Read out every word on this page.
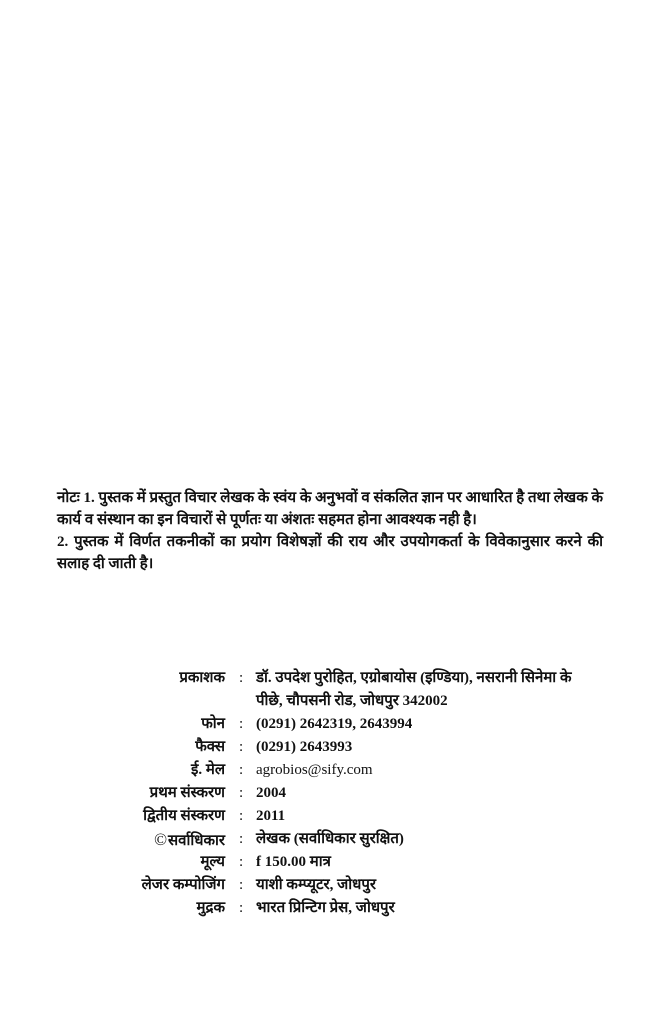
नोटः 1. पुस्तक में प्रस्तुत विचार लेखक के स्वंय के अनुभवों व संकलित ज्ञान पर आधारित है तथा लेखक के कार्य व संस्थान का इन विचारों से पूर्णतः या अंशतः सहमत होना आवश्यक नही है।

2. पुस्तक में विर्णत तकनीकों का प्रयोग विशेषज्ञों की राय और उपयोगकर्ता के विवेकानुसार करने की सलाह दी जाती है।

प्रकाशक : डॉ. उपदेश पुरोहित, एग्रोबायोस (इण्डिया), नसरानी सिनेमा के पीछे, चौपसनी रोड, जोधपुर 342002
फोन : (0291) 2642319, 2643994
फैक्स : (0291) 2643993
ई. मेल : agrobios@sify.com
प्रथम संस्करण : 2004
द्वितीय संस्करण : 2011
©सर्वाधिकार : लेखक (सर्वाधिकार सुरक्षित)
मूल्य : f 150.00 मात्र
लेजर कम्पोजिंग : याशी कम्प्यूटर, जोधपुर
मुद्रक : भारत प्रिन्टिग प्रेस, जोधपुर
